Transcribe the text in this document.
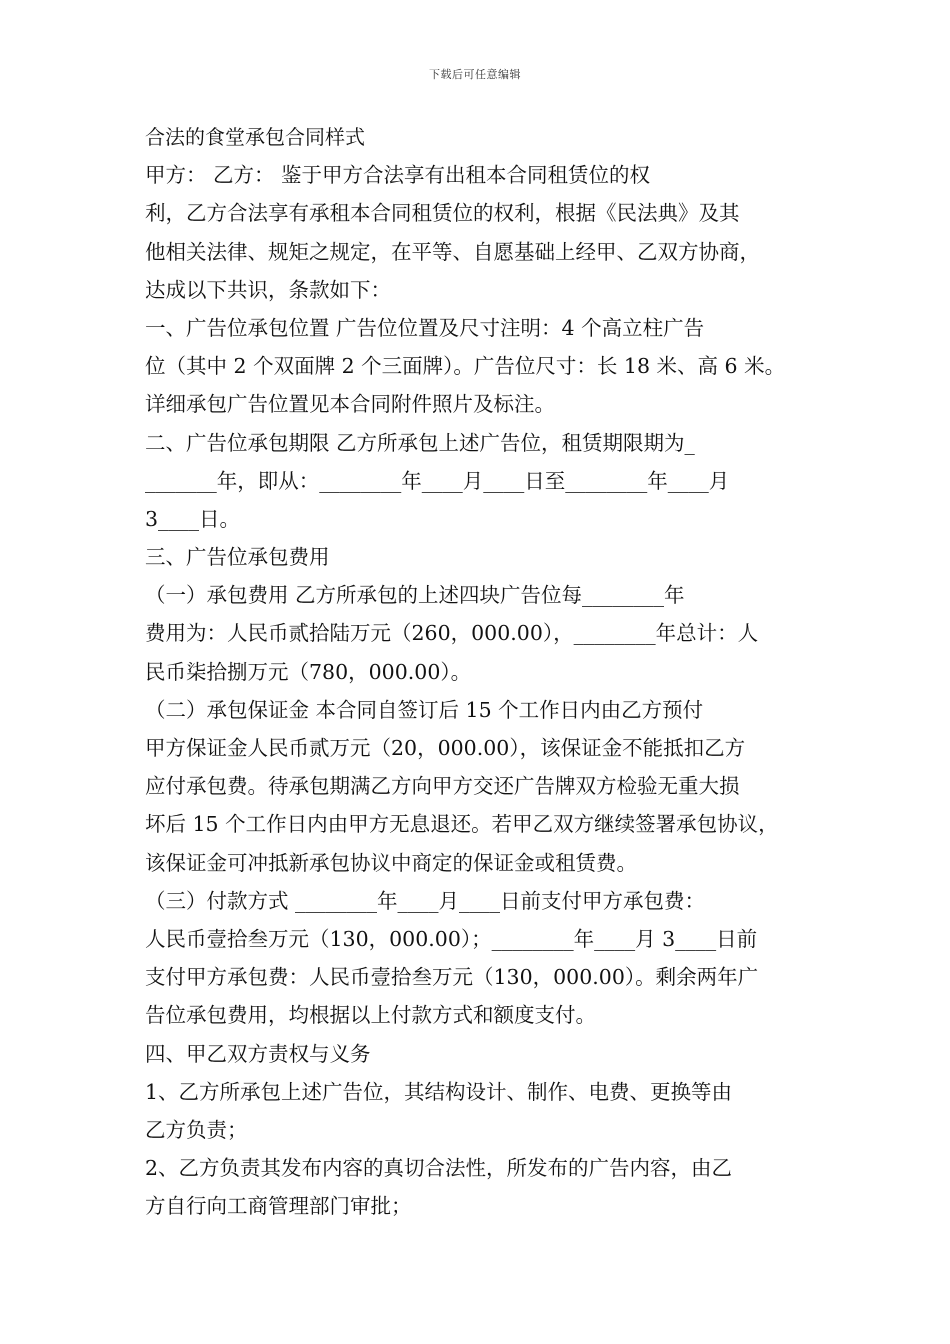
下载后可任意编辑
合法的食堂承包合同样式
甲方： 乙方： 鉴于甲方合法享有出租本合同租赁位的权
利，乙方合法享有承租本合同租赁位的权利，根据《民法典》及其
他相关法律、规矩之规定，在平等、自愿基础上经甲、乙双方协商，
达成以下共识，条款如下：
一、广告位承包位置 广告位位置及尺寸注明：4 个高立柱广告
位（其中 2 个双面牌 2 个三面牌）。广告位尺寸：长 18 米、高 6 米。
详细承包广告位置见本合同附件照片及标注。
二、广告位承包期限 乙方所承包上述广告位，租赁期限期为_
_______年，即从：________年____月____日至________年____月
3____日。
三、广告位承包费用
（一）承包费用 乙方所承包的上述四块广告位每________年
费用为：人民币贰拾陆万元（260，000.00），________年总计：人
民币柒拾捌万元（780，000.00）。
（二）承包保证金 本合同自签订后 15 个工作日内由乙方预付
甲方保证金人民币贰万元（20，000.00），该保证金不能抵扣乙方
应付承包费。待承包期满乙方向甲方交还广告牌双方检验无重大损
坏后 15 个工作日内由甲方无息退还。若甲乙双方继续签署承包协议，
该保证金可冲抵新承包协议中商定的保证金或租赁费。
（三）付款方式 ________年____月____日前支付甲方承包费：
人民币壹拾叁万元（130，000.00）；________年____月 3____日前
支付甲方承包费：人民币壹拾叁万元（130，000.00）。剩余两年广
告位承包费用，均根据以上付款方式和额度支付。
四、甲乙双方责权与义务
1、乙方所承包上述广告位，其结构设计、制作、电费、更换等由
乙方负责；
2、乙方负责其发布内容的真切合法性，所发布的广告内容，由乙
方自行向工商管理部门审批；
